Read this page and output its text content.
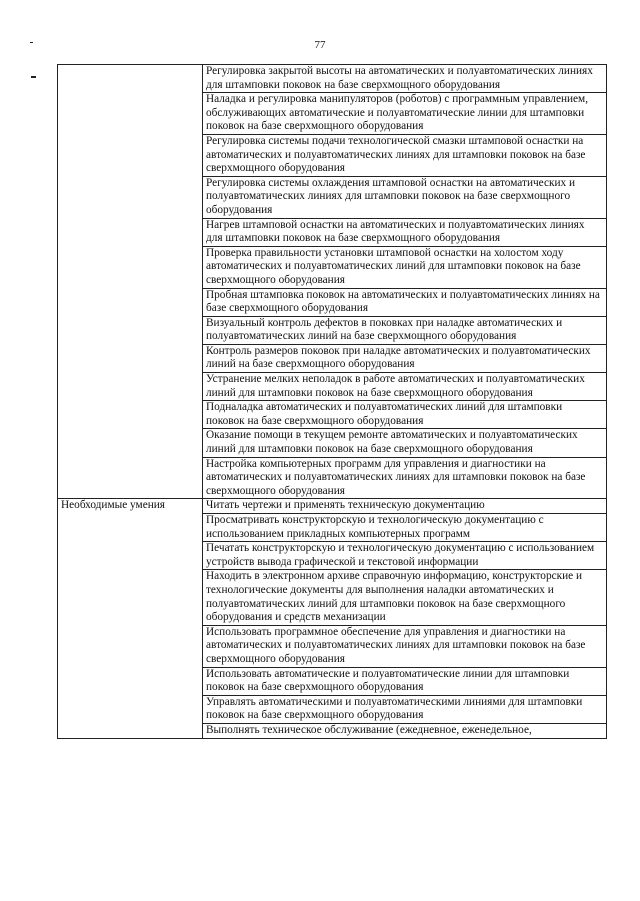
77
	Регулировка закрытой высоты на автоматических и полуавтоматических линиях для штамповки поковок на базе сверхмощного оборудования
	Наладка и регулировка манипуляторов (роботов) с программным управлением, обслуживающих автоматические и полуавтоматические линии для штамповки поковок на базе сверхмощного оборудования
	Регулировка системы подачи технологической смазки штамповой оснастки на автоматических и полуавтоматических линиях для штамповки поковок на базе сверхмощного оборудования
	Регулировка системы охлаждения штамповой оснастки на автоматических и полуавтоматических линиях для штамповки поковок на базе сверхмощного оборудования
	Нагрев штамповой оснастки на автоматических и полуавтоматических линиях для штамповки поковок на базе сверхмощного оборудования
	Проверка правильности установки штамповой оснастки на холостом ходу автоматических и полуавтоматических линий для штамповки поковок на базе сверхмощного оборудования
	Пробная штамповка поковок на автоматических и полуавтоматических линиях на базе сверхмощного оборудования
	Визуальный контроль дефектов в поковках при наладке автоматических и полуавтоматических линий на базе сверхмощного оборудования
	Контроль размеров поковок при наладке автоматических и полуавтоматических линий на базе сверхмощного оборудования
	Устранение мелких неполадок в работе автоматических и полуавтоматических линий для штамповки поковок на базе сверхмощного оборудования
	Подналадка автоматических и полуавтоматических линий для штамповки поковок на базе сверхмощного оборудования
	Оказание помощи в текущем ремонте автоматических и полуавтоматических линий для штамповки поковок на базе сверхмощного оборудования
	Настройка компьютерных программ для управления и диагностики на автоматических и полуавтоматических линиях для штамповки поковок на базе сверхмощного оборудования

Необходимые умения	Читать чертежи и применять техническую документацию
	Просматривать конструкторскую и технологическую документацию с использованием прикладных компьютерных программ
	Печатать конструкторскую и технологическую документацию с использованием устройств вывода графической и текстовой информации
	Находить в электронном архиве справочную информацию, конструкторские и технологические документы для выполнения наладки автоматических и полуавтоматических линий для штамповки поковок на базе сверхмощного оборудования и средств механизации
	Использовать программное обеспечение для управления и диагностики на автоматических и полуавтоматических линиях для штамповки поковок на базе сверхмощного оборудования
	Использовать автоматические и полуавтоматические линии для штамповки поковок на базе сверхмощного оборудования
	Управлять автоматическими и полуавтоматическими линиями для штамповки поковок на базе сверхмощного оборудования
	Выполнять техническое обслуживание (ежедневное, еженедельное,
